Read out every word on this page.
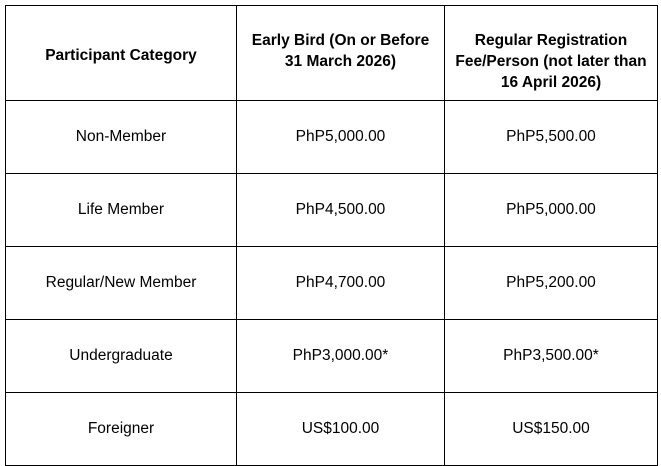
Participant Category	Early Bird (On or Before 31 March 2026)	Regular Registration Fee/Person (not later than 16 April 2026)
Non-Member	PhP5,000.00	PhP5,500.00
Life Member	PhP4,500.00	PhP5,000.00
Regular/New Member	PhP4,700.00	PhP5,200.00
Undergraduate	PhP3,000.00*	PhP3,500.00*
Foreigner	US$100.00	US$150.00
